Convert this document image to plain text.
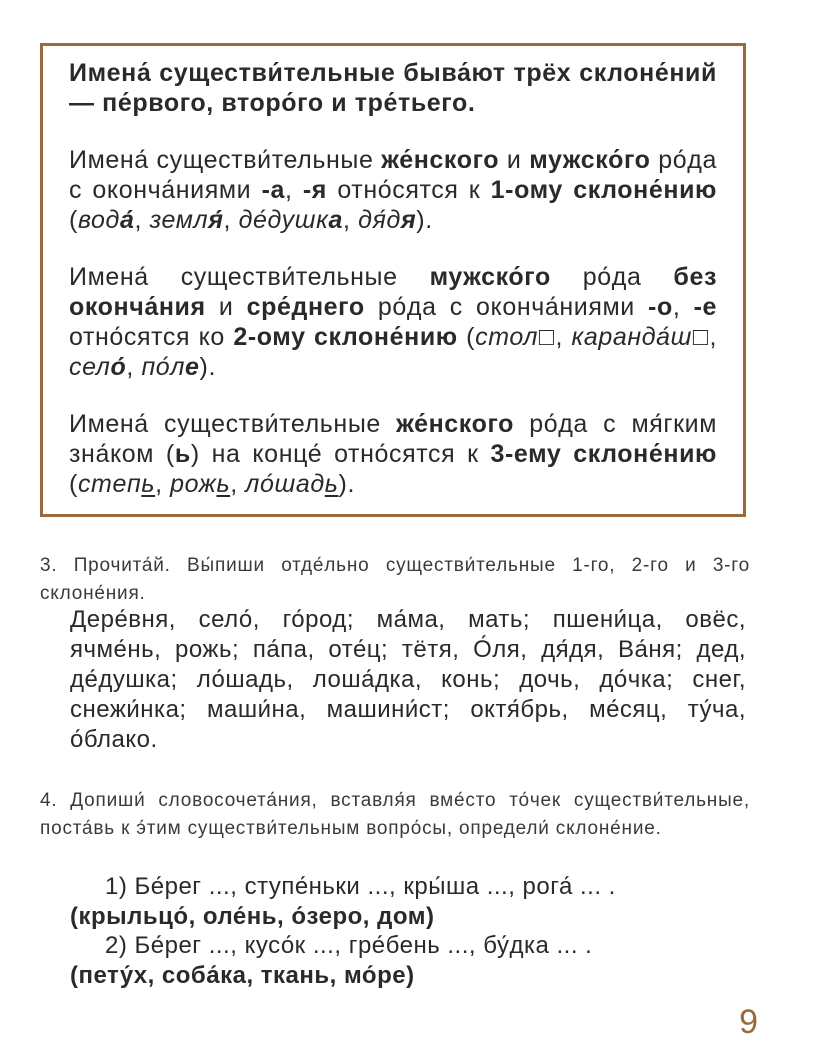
Имена́ существи́тельные быва́ют трёх склоне́ний — пе́рвого, второ́го и тре́тьего.

Имена́ существи́тельные же́нского и мужско́го ро́да с оконча́ниями -а, -я отно́сятся к 1-ому склоне́нию (вода́, земля́, де́душка, дя́дя).

Имена́ существи́тельные мужско́го ро́да без оконча́ния и сре́днего ро́да с оконча́ниями -о, -е отно́сятся ко 2-ому склоне́нию (стол□, каранда́ш□, село́, по́ле).

Имена́ существи́тельные же́нского ро́да с мя́гким зна́ком (ь) на конце́ отно́сятся к 3-ему склоне́нию (степь, рожь, ло́шадь).

3. Прочита́й. Вы́пиши отде́льно существи́тельные 1-го, 2-го и 3-го склоне́ния.
Дере́вня, село́, го́род; ма́ма, мать; пшени́ца, овёс, ячме́нь, рожь; па́па, оте́ц; тётя, О́ля, дя́дя, Ва́ня; дед, де́душка; ло́шадь, лоша́дка, конь; дочь, до́чка; снег, снежи́нка; маши́на, машини́ст; октя́брь, ме́сяц, ту́ча, о́блако.
4. Допиши́ словосочета́ния, вставля́я вме́сто то́чек существи́тельные, поста́вь к э́тим существи́тельным вопро́сы, определи́ склоне́ние.
1) Бе́рег ..., ступе́ньки ..., кры́ша ..., рога́ ... .
(крыльцо́, оле́нь, о́зеро, дом)
2) Бе́рег ..., кусо́к ..., гре́бень ..., бу́дка ... .
(пету́х, соба́ка, ткань, мо́ре)
9
